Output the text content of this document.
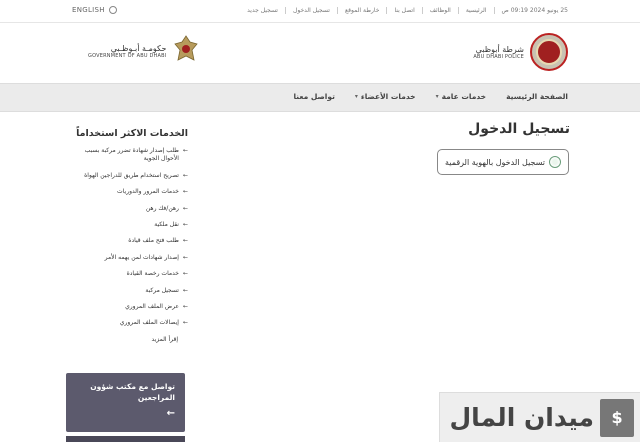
ENGLISH	25 يونيو 2024 09:19 ص
الرئيسية
الوظائف
اتصل بنا
خارطة الموقع
تسجيل الدخول
تسجيل جديد
شرطة أبوظبي
ABU DHABI POLICE
حكومـة أبـوظـبي
GOVERNMENT OF ABU DHABI
الصفحة الرئيسية
خدمات عامة
▾
خدمات الأعضاء
▾
تواصل معنا
تسجيل الدخول
تسجيل الدخول بالهوية الرقمية
الخدمات الاكثر استخداماً
←
طلب إصدار شهادة تضرر مركبة بسبب الأحوال الجوية
←
تصريح استخدام طريق للدراجين الهواة
←
خدمات المرور والدوريات
←
رهن/فك رهن
←
نقل ملكية
←
طلب فتح ملف قيادة
←
إصدار شهادات لمن يهمه الأمر
←
خدمات رخصة القيادة
←
تسجيل مركبة
←
عرض الملف المروري
←
إيصالات الملف المروري
إقرأ المزيد
تواصل مع مكتب شؤون المراجعين
←	$
ميدان المال
